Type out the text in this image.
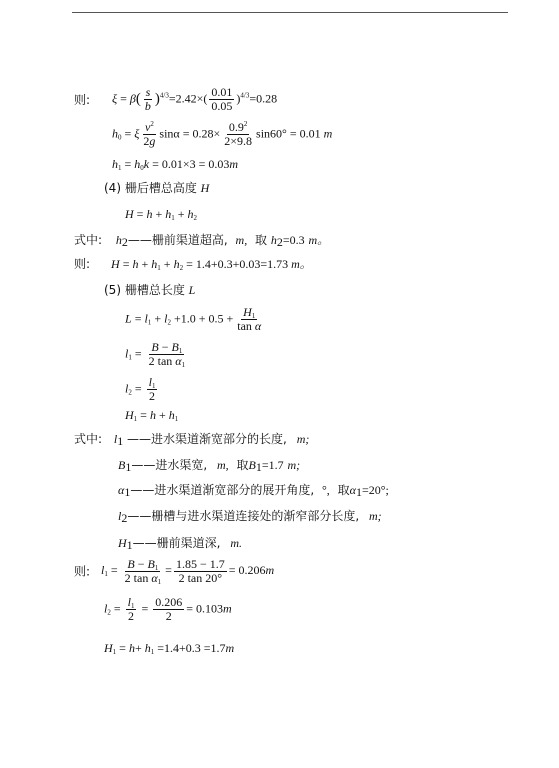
则: $\xi = \beta( \frac{s}{b} )^{4/3}=2.42\times( \frac{0.01}{0.05} )^{4/3}=0.28$
$h_0 = \xi \frac{v^2}{2g}$ $\sin\alpha = 0.28\times \frac{0.9^2}{2\times 9.8} \sin 60^\circ = 0.01$ m
$h_1 = h_0k = 0.01\times 3 = 0.03m$
(4) 栅后槽总高度 H
$H = h + h_1 + h_2$
式中: $h_2——$栅前渠道超高, m, 取 $h_2=0.3$ m。
则: $H = h + h_1 + h_2 = 1.4+0.3+0.03=1.73$ m。
(5) 栅槽总长度 L
$L = l_1 + l_2 +1.0 + 0.5 + \frac{H_1}{\text{tan α}}$
$l_1 = \frac{B - B_1}{2 \tan \alpha_1}$
$l_2 = \frac{l_1}{2}$
$H_1 = h + h_1$
式中: $l_1$ ——进水渠道渐宽部分的长度, m;
$B_1——$进水渠宽, m, 取$B_1=1.7$ m;
$\alpha_1——$进水渠道渐宽部分的展开角度, °, 取$\alpha_1=20^\circ$;
$l_2——$栅槽与进水渠道连接处的渐窄部分长度, m;
$H_1——$栅前渠道深, m.
则: $l_1 = \frac{B - B_1}{2 \tan \alpha_1} = \frac{1.85 - 1.7}{2 \tan 20^\circ} = 0.206m$
$l_2 = \frac{l_1}{2} = \frac{0.206}{2} = 0.103m$
$H_1 = h+ h_1 =1.4+0.3 =1.7m$
